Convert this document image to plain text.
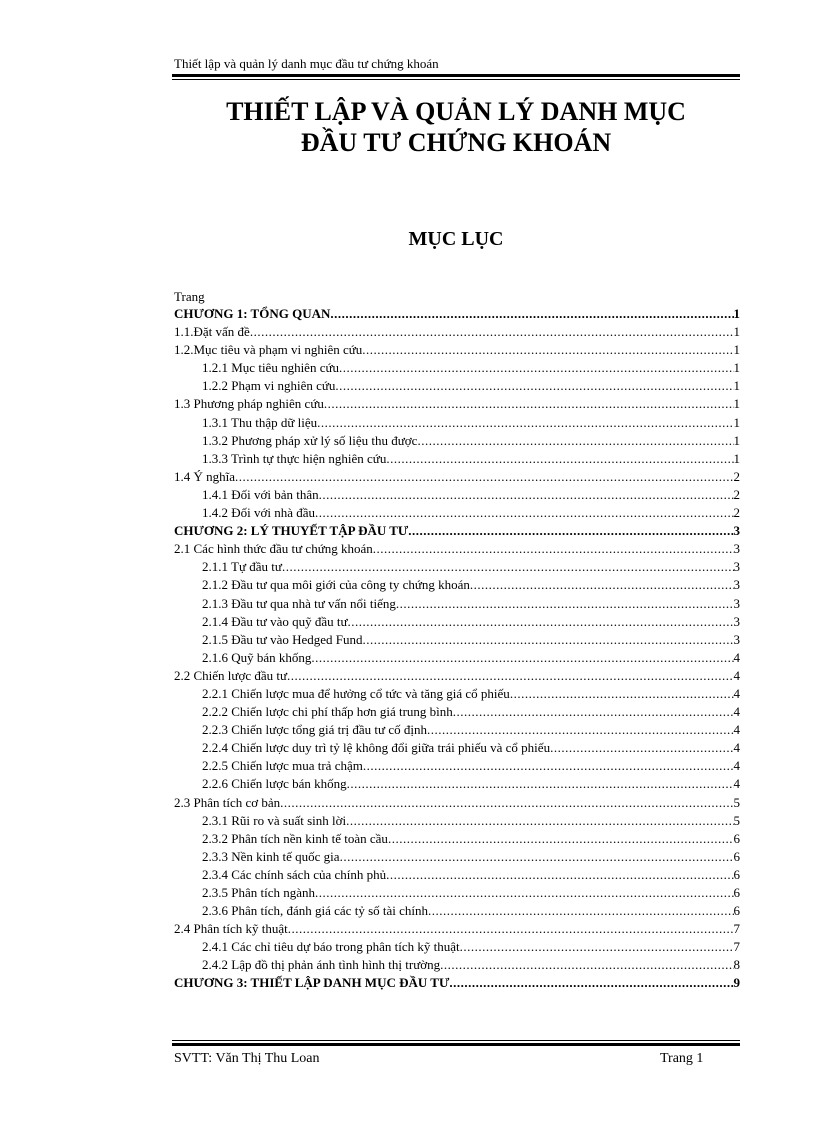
Thiết lập và quản lý danh mục đầu tư chứng khoán
THIẾT LẬP VÀ QUẢN LÝ DANH MỤC
ĐẦU TƯ CHỨNG KHOÁN
MỤC LỤC
Trang
CHƯƠNG 1: TỔNG QUAN .....	1
1.1.Đặt vấn đề .....	1
1.2.Mục tiêu và phạm vi nghiên cứu .....	1
1.2.1 Mục tiêu nghiên cứu .....	1
1.2.2 Phạm vi nghiên cứu .....	1
1.3 Phương pháp nghiên cứu .....	1
1.3.1 Thu thập dữ liệu .....	1
1.3.2 Phương pháp xử lý số liệu thu được .....	1
1.3.3 Trình tự thực hiện nghiên cứu .....	1
1.4 Ý nghĩa .....	2
1.4.1 Đối với bản thân .....	2
1.4.2 Đối với nhà đầu .....	2
CHƯƠNG 2: LÝ THUYẾT TẬP ĐẦU TƯ .....	3
2.1 Các hình thức đầu tư chứng khoán .....	3
2.1.1 Tự đầu tư .....	3
2.1.2 Đầu tư qua môi giới của công ty chứng khoán .....	3
2.1.3 Đầu tư qua nhà tư vấn nổi tiếng .....	3
2.1.4 Đầu tư vào quỹ đầu tư .....	3
2.1.5 Đầu tư vào Hedged Fund .....	3
2.1.6 Quỹ bán khống .....	4
2.2 Chiến lược đầu tư .....	4
2.2.1 Chiến lược mua để hưởng cổ tức và tăng giá cổ phiếu .....	4
2.2.2 Chiến lược chi phí thấp hơn giá trung bình .....	4
2.2.3 Chiến lược tổng giá trị đầu tư cố định .....	4
2.2.4 Chiến lược duy trì tỷ lệ không đổi giữa trái phiếu và cổ phiếu .....	4
2.2.5 Chiến lược mua trả chậm .....	4
2.2.6 Chiến lược bán khống .....	4
2.3 Phân tích cơ bản .....	5
2.3.1 Rũi ro và suất sinh lời .....	5
2.3.2 Phân tích nền kinh tế toàn cầu .....	6
2.3.3 Nền kinh tế quốc gia .....	6
2.3.4 Các chính sách của chính phủ .....	6
2.3.5 Phân tích ngành .....	6
2.3.6 Phân tích, đánh giá các tỷ số tài chính .....	6
2.4 Phân tích kỹ thuật .....	7
2.4.1 Các chỉ tiêu dự báo trong phân tích kỹ thuật .....	7
2.4.2 Lập đồ thị phản ánh tình hình thị trường .....	8
CHƯƠNG 3: THIẾT LẬP DANH MỤC ĐẦU TƯ .....	9
SVTT: Văn Thị Thu Loan	Trang 1
